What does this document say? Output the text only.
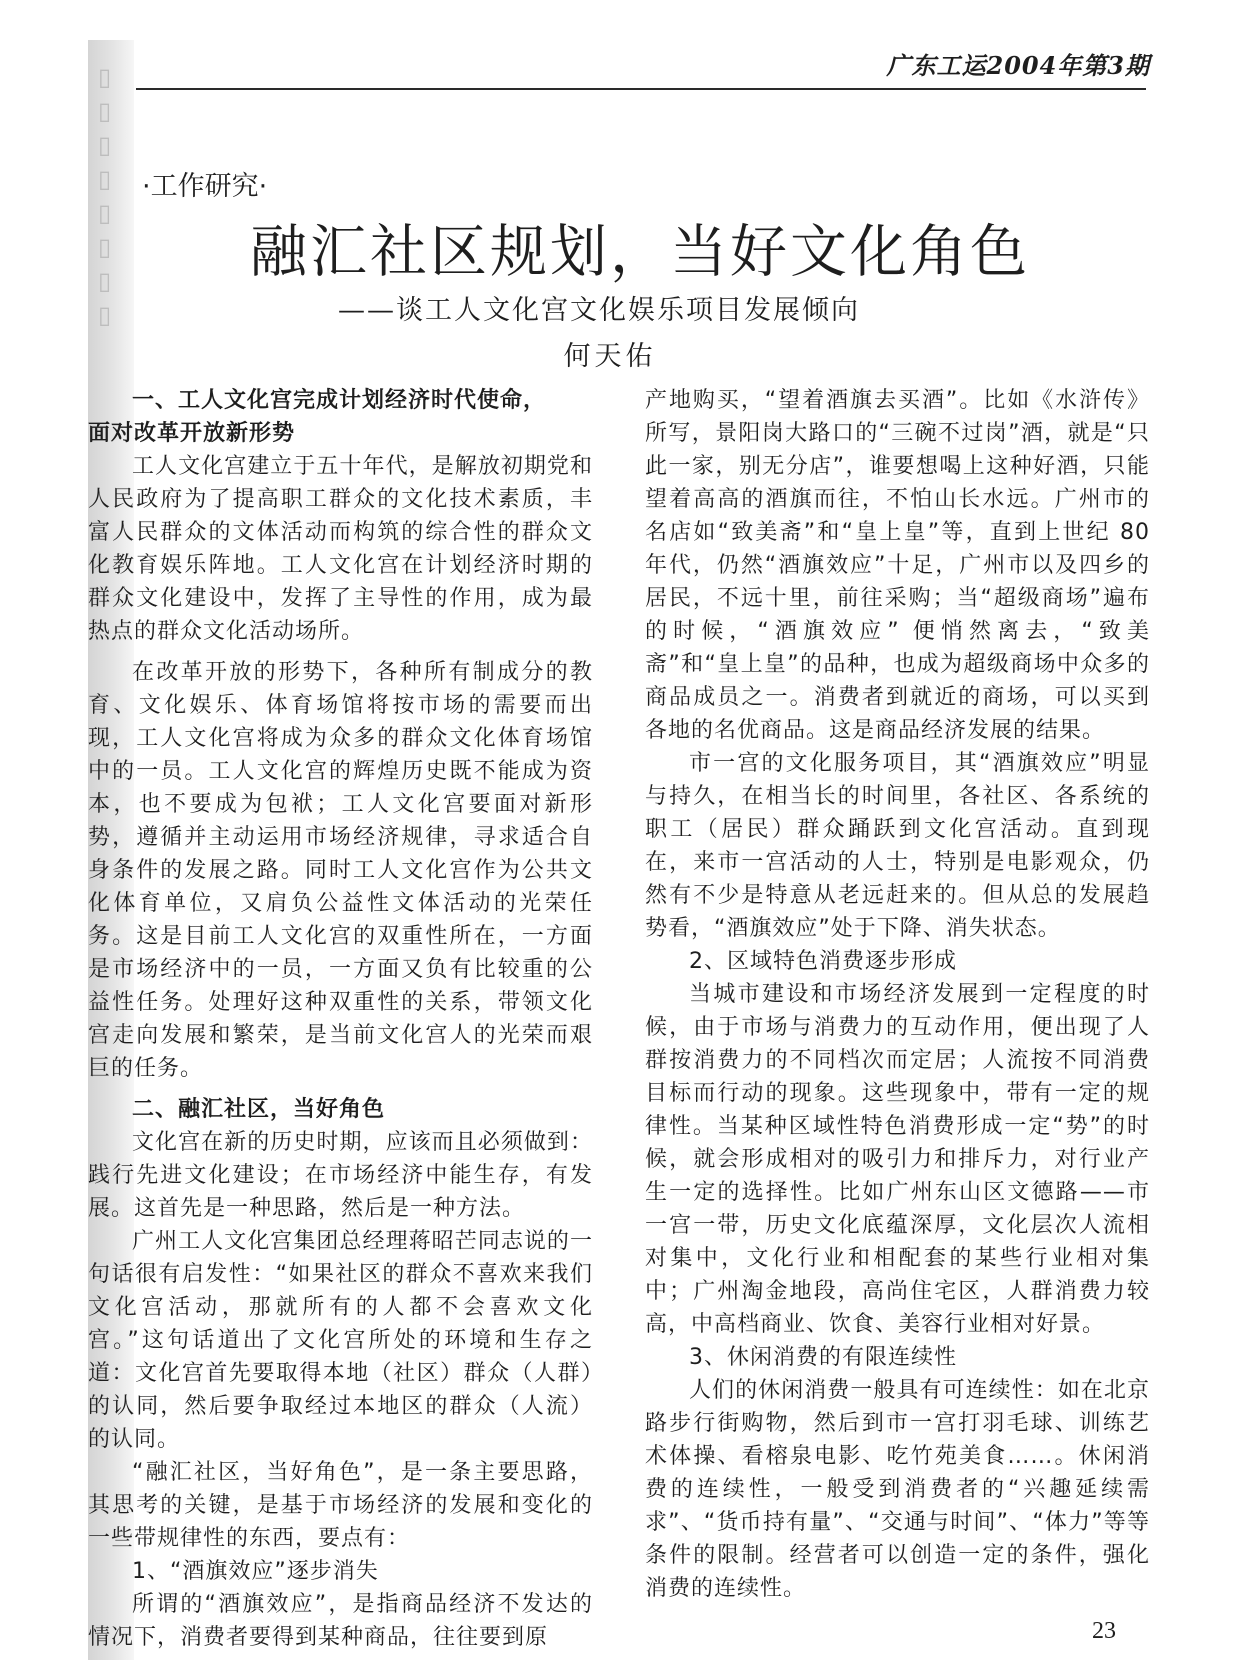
▯
▯
▯
▯
▯
▯
▯
▯
广东工运2004年第3期
·工作研究·
融汇社区规划，当好文化角色
——谈工人文化宫文化娱乐项目发展倾向
何天佑
一、工人文化宫完成计划经济时代使命，
面对改革开放新形势

工人文化宫建立于五十年代，是解放初期党和人民政府为了提高职工群众的文化技术素质，丰富人民群众的文体活动而构筑的综合性的群众文化教育娱乐阵地。工人文化宫在计划经济时期的群众文化建设中，发挥了主导性的作用，成为最热点的群众文化活动场所。

在改革开放的形势下，各种所有制成分的教育、文化娱乐、体育场馆将按市场的需要而出现，工人文化宫将成为众多的群众文化体育场馆中的一员。工人文化宫的辉煌历史既不能成为资本，也不要成为包袱；工人文化宫要面对新形势，遵循并主动运用市场经济规律，寻求适合自身条件的发展之路。同时工人文化宫作为公共文化体育单位，又肩负公益性文体活动的光荣任务。这是目前工人文化宫的双重性所在，一方面是市场经济中的一员，一方面又负有比较重的公益性任务。处理好这种双重性的关系，带领文化宫走向发展和繁荣，是当前文化宫人的光荣而艰巨的任务。

二、融汇社区，当好角色

文化宫在新的历史时期，应该而且必须做到：践行先进文化建设；在市场经济中能生存，有发展。这首先是一种思路，然后是一种方法。

广州工人文化宫集团总经理蒋昭芒同志说的一句话很有启发性：“如果社区的群众不喜欢来我们文化宫活动，那就所有的人都不会喜欢文化宫。”这句话道出了文化宫所处的环境和生存之道：文化宫首先要取得本地（社区）群众（人群）的认同，然后要争取经过本地区的群众（人流）的认同。

“融汇社区，当好角色”，是一条主要思路，其思考的关键，是基于市场经济的发展和变化的一些带规律性的东西，要点有：

1、“酒旗效应”逐步消失

所谓的“酒旗效应”，是指商品经济不发达的情况下，消费者要得到某种商品，往往要到原

产地购买，“望着酒旗去买酒”。比如《水浒传》所写，景阳岗大路口的“三碗不过岗”酒，就是“只此一家，别无分店”，谁要想喝上这种好酒，只能望着高高的酒旗而往，不怕山长水远。广州市的名店如“致美斋”和“皇上皇”等，直到上世纪 80 年代，仍然“酒旗效应”十足，广州市以及四乡的居民，不远十里，前往采购；当“超级商场”遍布的时候，“酒旗效应” 便悄然离去，“致美斋”和“皇上皇”的品种，也成为超级商场中众多的商品成员之一。消费者到就近的商场，可以买到各地的名优商品。这是商品经济发展的结果。

市一宫的文化服务项目，其“酒旗效应”明显与持久，在相当长的时间里，各社区、各系统的职工（居民）群众踊跃到文化宫活动。直到现在，来市一宫活动的人士，特别是电影观众，仍然有不少是特意从老远赶来的。但从总的发展趋势看，“酒旗效应”处于下降、消失状态。

2、区域特色消费逐步形成

当城市建设和市场经济发展到一定程度的时候，由于市场与消费力的互动作用，便出现了人群按消费力的不同档次而定居；人流按不同消费目标而行动的现象。这些现象中，带有一定的规律性。当某种区域性特色消费形成一定“势”的时候，就会形成相对的吸引力和排斥力，对行业产生一定的选择性。比如广州东山区文德路——市一宫一带，历史文化底蕴深厚，文化层次人流相对集中，文化行业和相配套的某些行业相对集中；广州淘金地段，高尚住宅区，人群消费力较高，中高档商业、饮食、美容行业相对好景。

3、休闲消费的有限连续性

人们的休闲消费一般具有可连续性：如在北京路步行街购物，然后到市一宫打羽毛球、训练艺术体操、看榕泉电影、吃竹苑美食……。休闲消费的连续性，一般受到消费者的“兴趣延续需求”、“货币持有量”、“交通与时间”、“体力”等等条件的限制。经营者可以创造一定的条件，强化消费的连续性。

23
